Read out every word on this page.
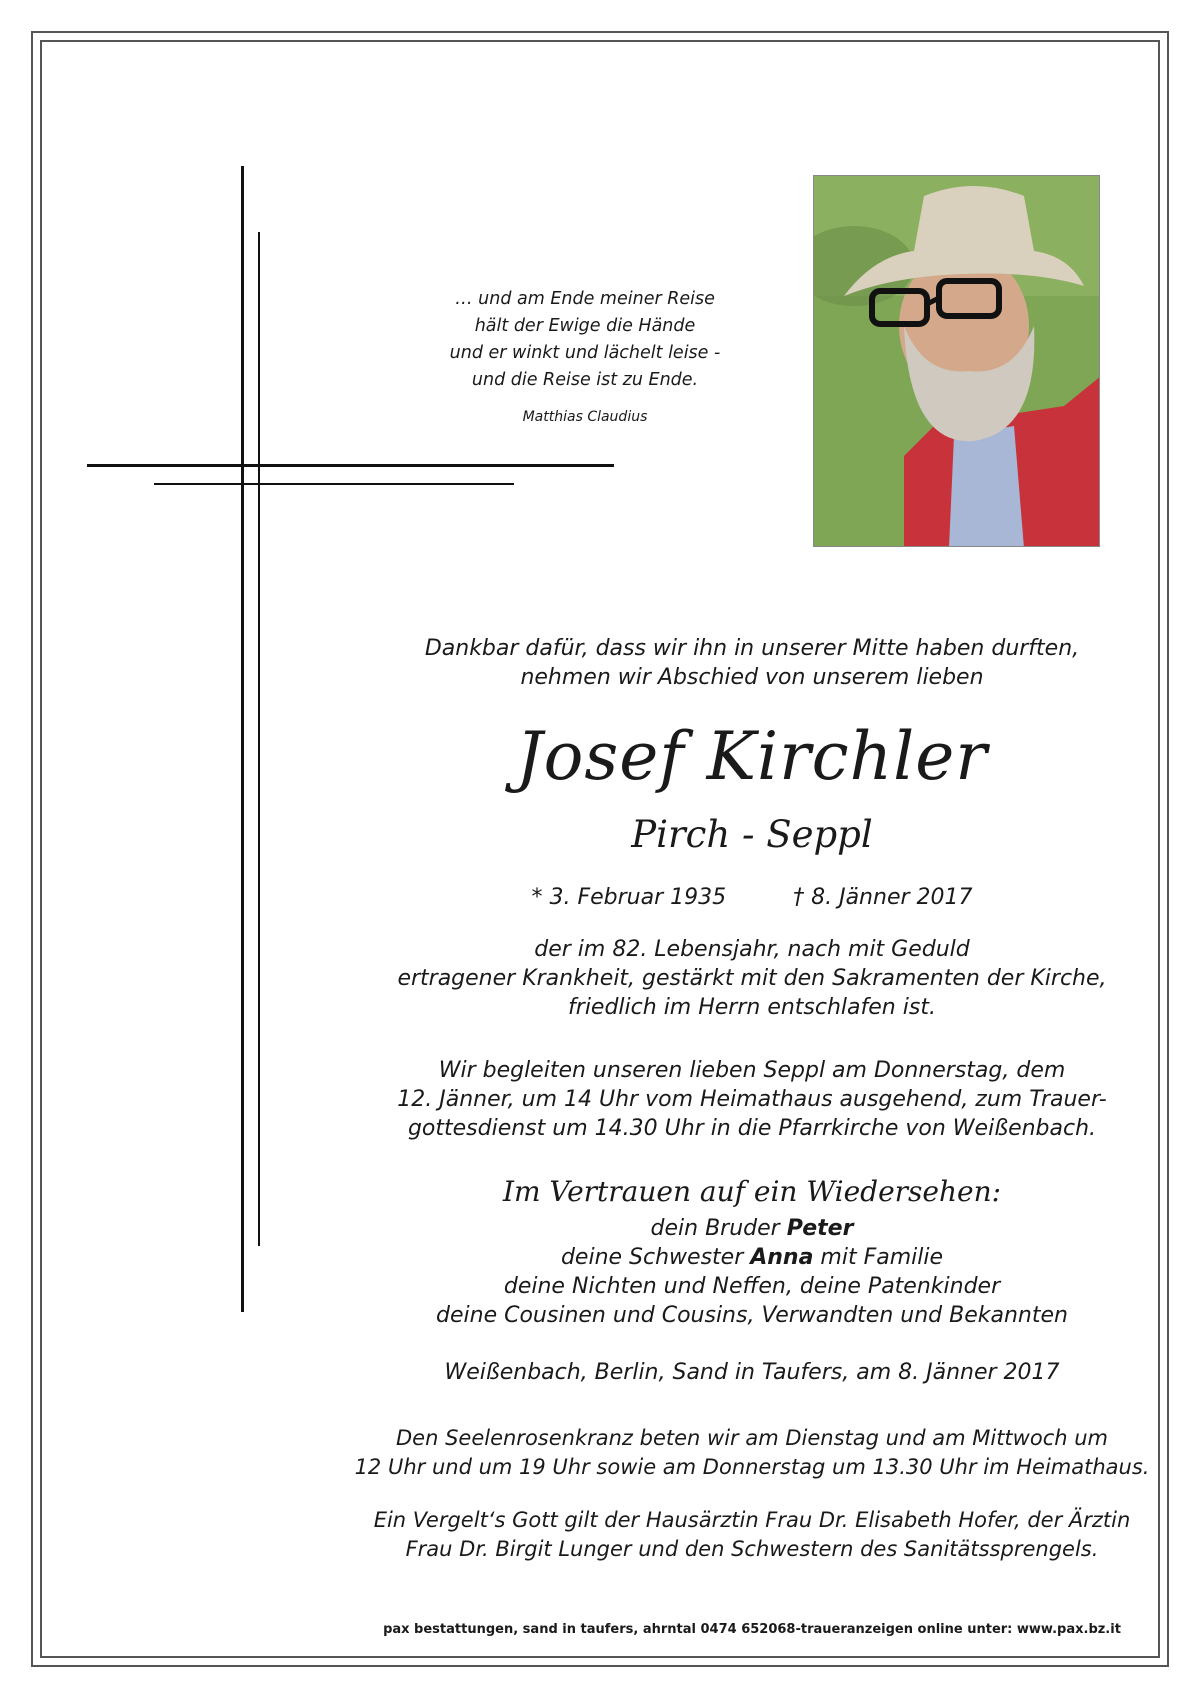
… und am Ende meiner Reise
hält der Ewige die Hände
und er winkt und lächelt leise -
und die Reise ist zu Ende.
Matthias Claudius
Dankbar dafür, dass wir ihn in unserer Mitte haben durften,
nehmen wir Abschied von unserem lieben
Josef Kirchler
Pirch - Seppl
* 3. Februar 1935	† 8. Jänner 2017
der im 82. Lebensjahr, nach mit Geduld
ertragener Krankheit, gestärkt mit den Sakramenten der Kirche,
friedlich im Herrn entschlafen ist.
Wir begleiten unseren lieben Seppl am Donnerstag, dem
12. Jänner, um 14 Uhr vom Heimathaus ausgehend, zum Trauer-
gottesdienst um 14.30 Uhr in die Pfarrkirche von Weißenbach.
Im Vertrauen auf ein Wiedersehen:
dein Bruder Peter
deine Schwester Anna mit Familie
deine Nichten und Neffen, deine Patenkinder
deine Cousinen und Cousins, Verwandten und Bekannten
Weißenbach, Berlin, Sand in Taufers, am 8. Jänner 2017
Den Seelenrosenkranz beten wir am Dienstag und am Mittwoch um
12 Uhr und um 19 Uhr sowie am Donnerstag um 13.30 Uhr im Heimathaus.
Ein Vergelt‘s Gott gilt der Hausärztin Frau Dr. Elisabeth Hofer, der Ärztin
Frau Dr. Birgit Lunger und den Schwestern des Sanitätssprengels.
pax bestattungen, sand in taufers, ahrntal 0474 652068-traueranzeigen online unter: www.pax.bz.it
